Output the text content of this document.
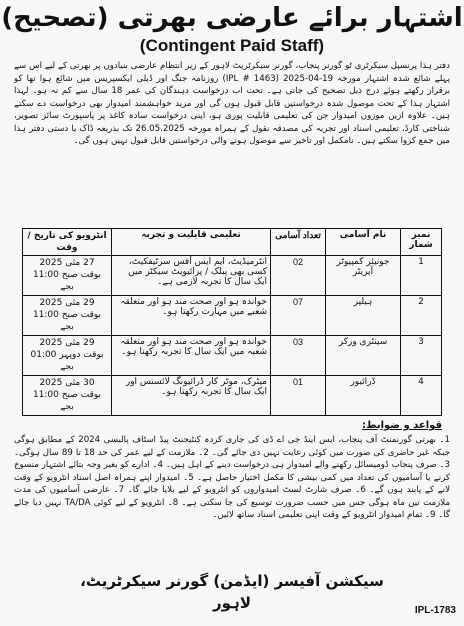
اشتہار برائے عارضی بھرتی (تصحیح)
(Contingent Paid Staff)
دفتر ہذا پرنسپل سیکرٹری ٹو گورنر پنجاب، گورنر سیکرٹریٹ لاہور کے زیر انتظام عارضی بنیادوں پر بھرتی کے لیے اس سے پہلے شائع شدہ اشتہار مورخہ 19-04-2025 (IPL # 1463) روزنامہ جنگ اور ڈیلی ایکسپریس میں شائع ہوا تھا کو برقرار رکھتے ہوئے درج ذیل تصحیح کی جاتی ہے۔ تحت اب درخواست دہندگان کی عمر 18 سال سے کم نہ ہو۔ لہذا اشتہار ہذا کے تحت موصول شدہ درخواستیں قابل قبول ہوں گی اور مزید خواہشمند امیدوار بھی درخواست دے سکتے ہیں۔ علاوہ ازیں موزوں امیدوار جن کی تعلیمی قابلیت پوری ہو، اپنی درخواست سادہ کاغذ پر پاسپورٹ سائز تصویر، شناختی کارڈ، تعلیمی اسناد اور تجربہ کی مصدقہ نقول کے ہمراہ مورخہ 26.05.2025 تک بذریعہ ڈاک یا دستی دفتر ہذا میں جمع کروا سکتے ہیں۔ نامکمل اور تاخیر سے موصول ہونے والی درخواستیں قابل قبول نہیں ہوں گی۔
نمبر شمار	نام آسامی	تعداد آسامی	تعلیمی قابلیت و تجربہ	انٹرویو کی تاریخ / وقت
1	جونیئر کمپیوٹر آپریٹر	02	انٹرمیڈیٹ، ایم ایس آفس سرٹیفکیٹ، کسی بھی پبلک / پرائیویٹ سیکٹر میں ایک سال کا تجربہ لازمی ہے۔	27 مئی 2025
بوقت صبح 11:00 بجے

2	ہیلپر	07	خواندہ ہو اور صحت مند ہو اور متعلقہ شعبے میں مہارت رکھتا ہو۔	29 مئی 2025
بوقت صبح 11:00 بجے

3	سینٹری ورکر	03	خواندہ ہو اور صحت مند ہو اور متعلقہ شعبہ میں ایک سال کا تجربہ رکھتا ہو۔	29 مئی 2025
بوقت دوپہر 01:00 بجے

4	ڈرائیور	01	میٹرک، موٹر کار ڈرائیونگ لائسنس اور ایک سال کا تجربہ رکھتا ہو۔	30 مئی 2025
بوقت صبح 11:00 بجے
قواعد و ضوابط:
1۔ بھرتی گورنمنٹ آف پنجاب، ایس اینڈ جی اے ڈی کی جاری کردہ کنٹیجنٹ پیڈ اسٹاف پالیسی 2024 کے مطابق ہوگی جبکہ غیر حاضری کی صورت میں کوئی رعایت نہیں دی جائے گی۔ 2۔ ملازمت کے لیے عمر کی حد 18 تا 89 سال ہوگی۔ 3۔ صرف پنجاب ڈومیسائل رکھنے والے امیدوار ہی درخواست دینے کے اہل ہیں۔ 4۔ ادارے کو بغیر وجہ بتائے اشتہار منسوخ کرنے یا آسامیوں کی تعداد میں کمی بیشی کا مکمل اختیار حاصل ہے۔ 5۔ امیدوار اپنے ہمراہ اصل اسناد انٹرویو کے وقت لانے کے پابند ہوں گے۔ 6۔ صرف شارٹ لسٹ امیدواروں کو انٹرویو کے لیے بلایا جائے گا۔ 7۔ عارضی آسامیوں کی مدت ملازمت تین ماہ ہوگی جس میں حسب ضرورت توسیع کی جا سکتی ہے۔ 8۔ انٹرویو کے لیے کوئی TA/DA نہیں دیا جائے گا۔ 9۔ تمام امیدوار انٹرویو کے وقت اپنی تعلیمی اسناد ساتھ لائیں۔
سیکشن آفیسر (ایڈمن) گورنر سیکرٹریٹ،
لاہور	IPL-1783
